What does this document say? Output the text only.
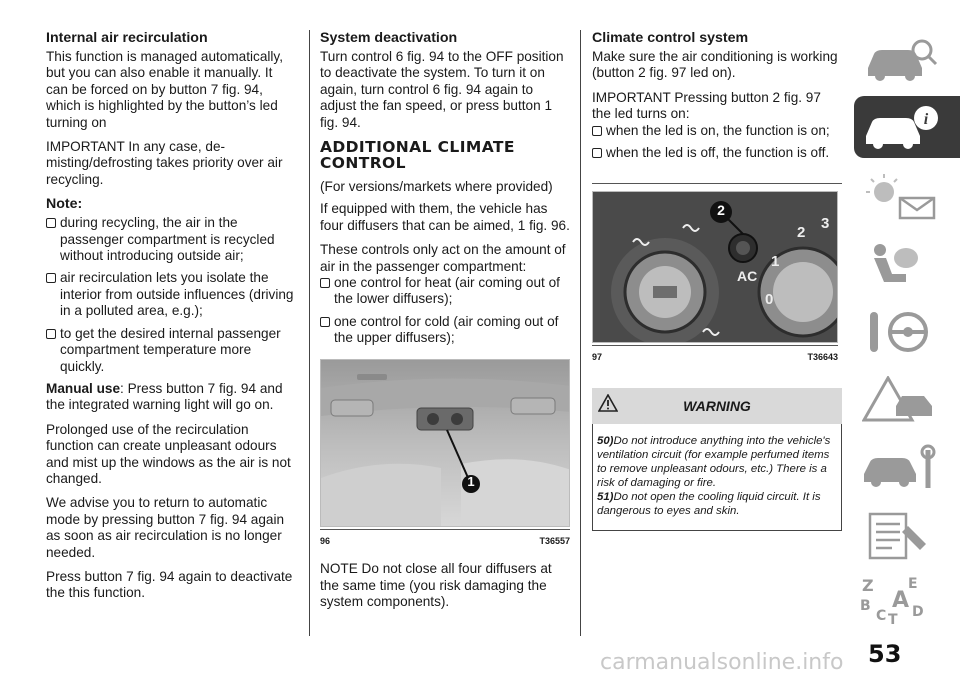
Internal air recirculation

This function is managed automatically, but you can also enable it manually. It can be forced on by button 7 fig. 94, which is highlighted by the button’s led turning on

IMPORTANT In any case, de-misting/defrosting takes priority over air recycling.

Note:
during recycling, the air in the passenger compartment is recycled without introducing outside air;
air recirculation lets you isolate the interior from outside influences (driving in a polluted area, e.g.);
to get the desired internal passenger compartment temperature more quickly.

Manual use: Press button 7 fig. 94 and the integrated warning light will go on.

Prolonged use of the recirculation function can create unpleasant odours and mist up the windows as the air is not changed.

We advise you to return to automatic mode by pressing button 7 fig. 94 again as soon as air recirculation is no longer needed.

Press button 7 fig. 94 again to deactivate the this function.

System deactivation

Turn control 6 fig. 94 to the OFF position to deactivate the system. To turn it on again, turn control 6 fig. 94 again to adjust the fan speed, or press button 1 fig. 94.

ADDITIONAL CLIMATE CONTROL

(For versions/markets where provided)

If equipped with them, the vehicle has four diffusers that can be aimed, 1 fig. 96.

These controls only act on the amount of air in the passenger compartment:

one control for heat (air coming out of the lower diffusers);
one control for cold (air coming out of the upper diffusers);
1
96	T36557

NOTE Do not close all four diffusers at the same time (you risk damaging the system components).

Climate control system

Make sure the air conditioning is working (button 2 fig. 97 led on).

IMPORTANT Pressing button 2 fig. 97 the led turns on:

when the led is on, the function is on;
when the led is off, the function is off.
2
2
3
1
AC
0
97	T36643
WARNING
50)Do not introduce anything into the vehicle's ventilation circuit (for example perfumed items to remove unpleasant odours, etc.) There is a risk of damaging or fire.
51)Do not open the cooling liquid circuit. It is dangerous to eyes and skin.
i
Z E
B A
C T D
carmanualsonline.info 53
